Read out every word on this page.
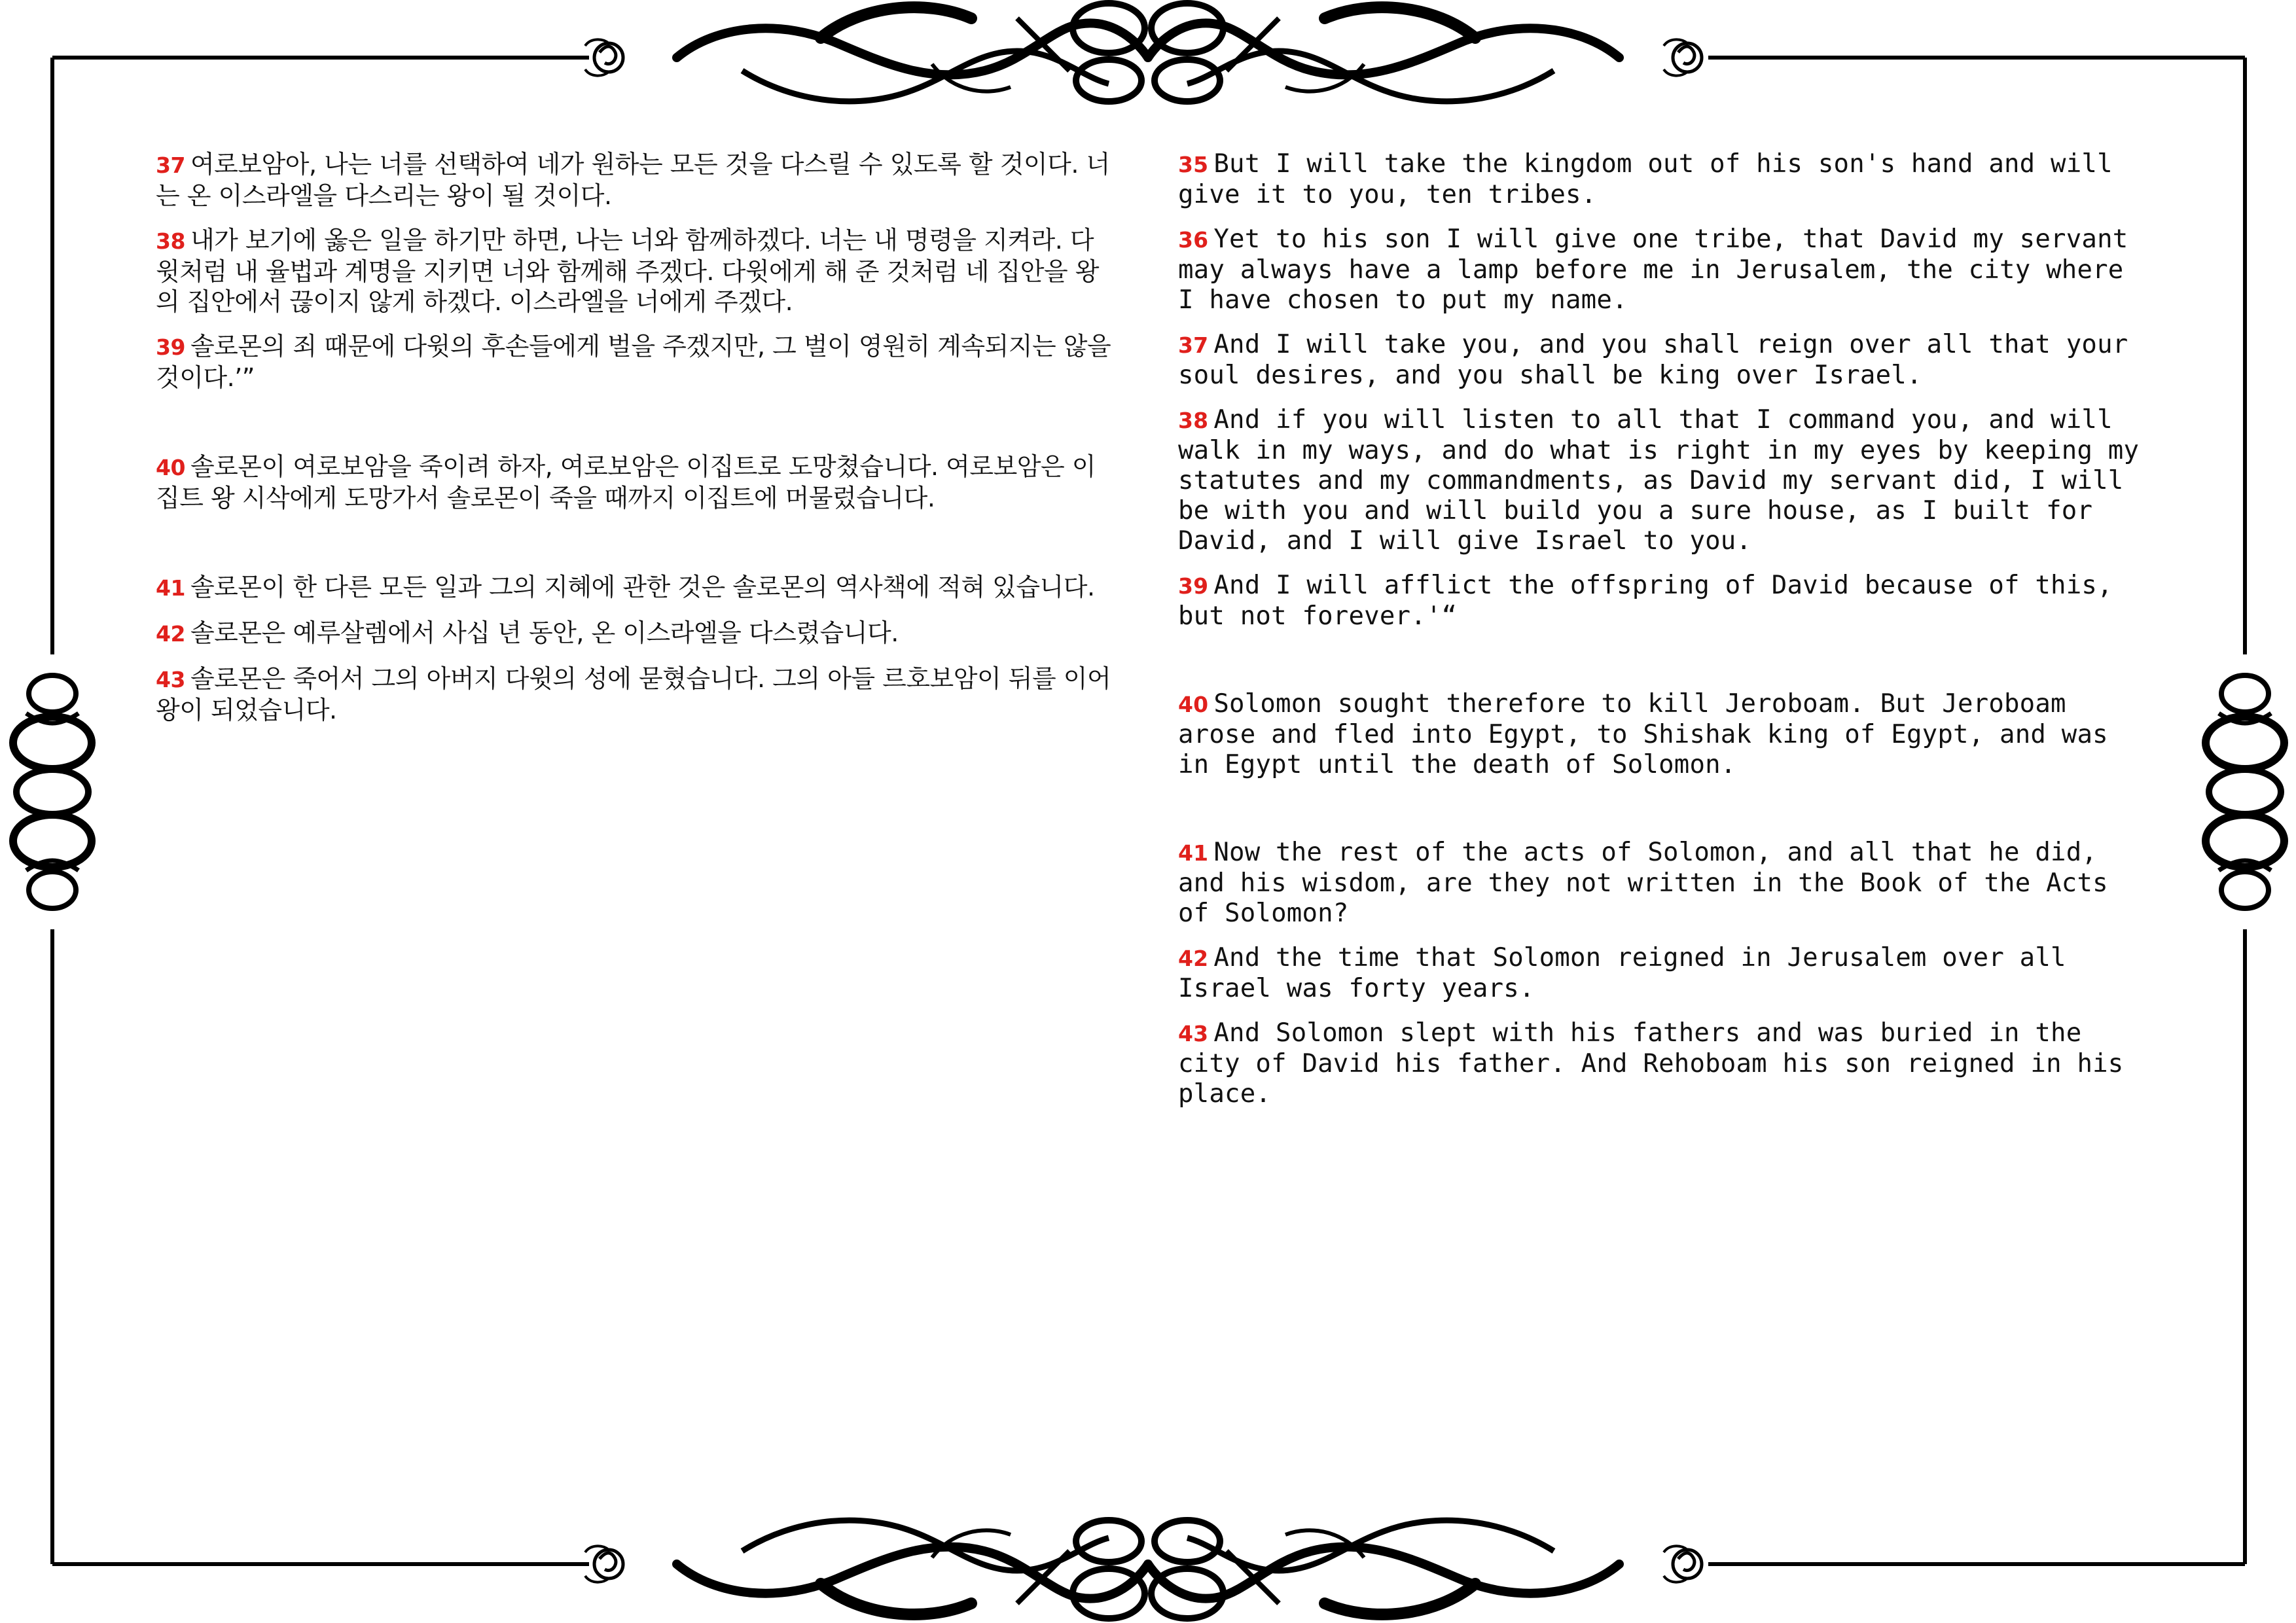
37 여로보암아, 나는 너를 선택하여 네가 원하는 모든 것을 다스릴 수 있도록 할 것이다. 너는 온 이스라엘을 다스리는 왕이 될 것이다.

38 내가 보기에 옳은 일을 하기만 하면, 나는 너와 함께하겠다. 너는 내 명령을 지켜라. 다윗처럼 내 율법과 계명을 지키면 너와 함께해 주겠다. 다윗에게 해 준 것처럼 네 집안을 왕의 집안에서 끊이지 않게 하겠다. 이스라엘을 너에게 주겠다.

39 솔로몬의 죄 때문에 다윗의 후손들에게 벌을 주겠지만, 그 벌이 영원히 계속되지는 않을 것이다.’”

40 솔로몬이 여로보암을 죽이려 하자, 여로보암은 이집트로 도망쳤습니다. 여로보암은 이집트 왕 시삭에게 도망가서 솔로몬이 죽을 때까지 이집트에 머물렀습니다.

41 솔로몬이 한 다른 모든 일과 그의 지혜에 관한 것은 솔로몬의 역사책에 적혀 있습니다.

42 솔로몬은 예루살렘에서 사십 년 동안, 온 이스라엘을 다스렸습니다.

43 솔로몬은 죽어서 그의 아버지 다윗의 성에 묻혔습니다. 그의 아들 르호보암이 뒤를 이어 왕이 되었습니다.

35 But I will take the kingdom out of his son's hand and will give it to you, ten tribes.

36 Yet to his son I will give one tribe, that David my servant may always have a lamp before me in Jerusalem, the city where I have chosen to put my name.

37 And I will take you, and you shall reign over all that your soul desires, and you shall be king over Israel.

38 And if you will listen to all that I command you, and will walk in my ways, and do what is right in my eyes by keeping my statutes and my commandments, as David my servant did, I will be with you and will build you a sure house, as I built for David, and I will give Israel to you.

39 And I will afflict the offspring of David because of this, but not forever.'“

40 Solomon sought therefore to kill Jeroboam. But Jeroboam arose and fled into Egypt, to Shishak king of Egypt, and was in Egypt until the death of Solomon.

41 Now the rest of the acts of Solomon, and all that he did, and his wisdom, are they not written in the Book of the Acts of Solomon?

42 And the time that Solomon reigned in Jerusalem over all Israel was forty years.

43 And Solomon slept with his fathers and was buried in the city of David his father. And Rehoboam his son reigned in his place.
